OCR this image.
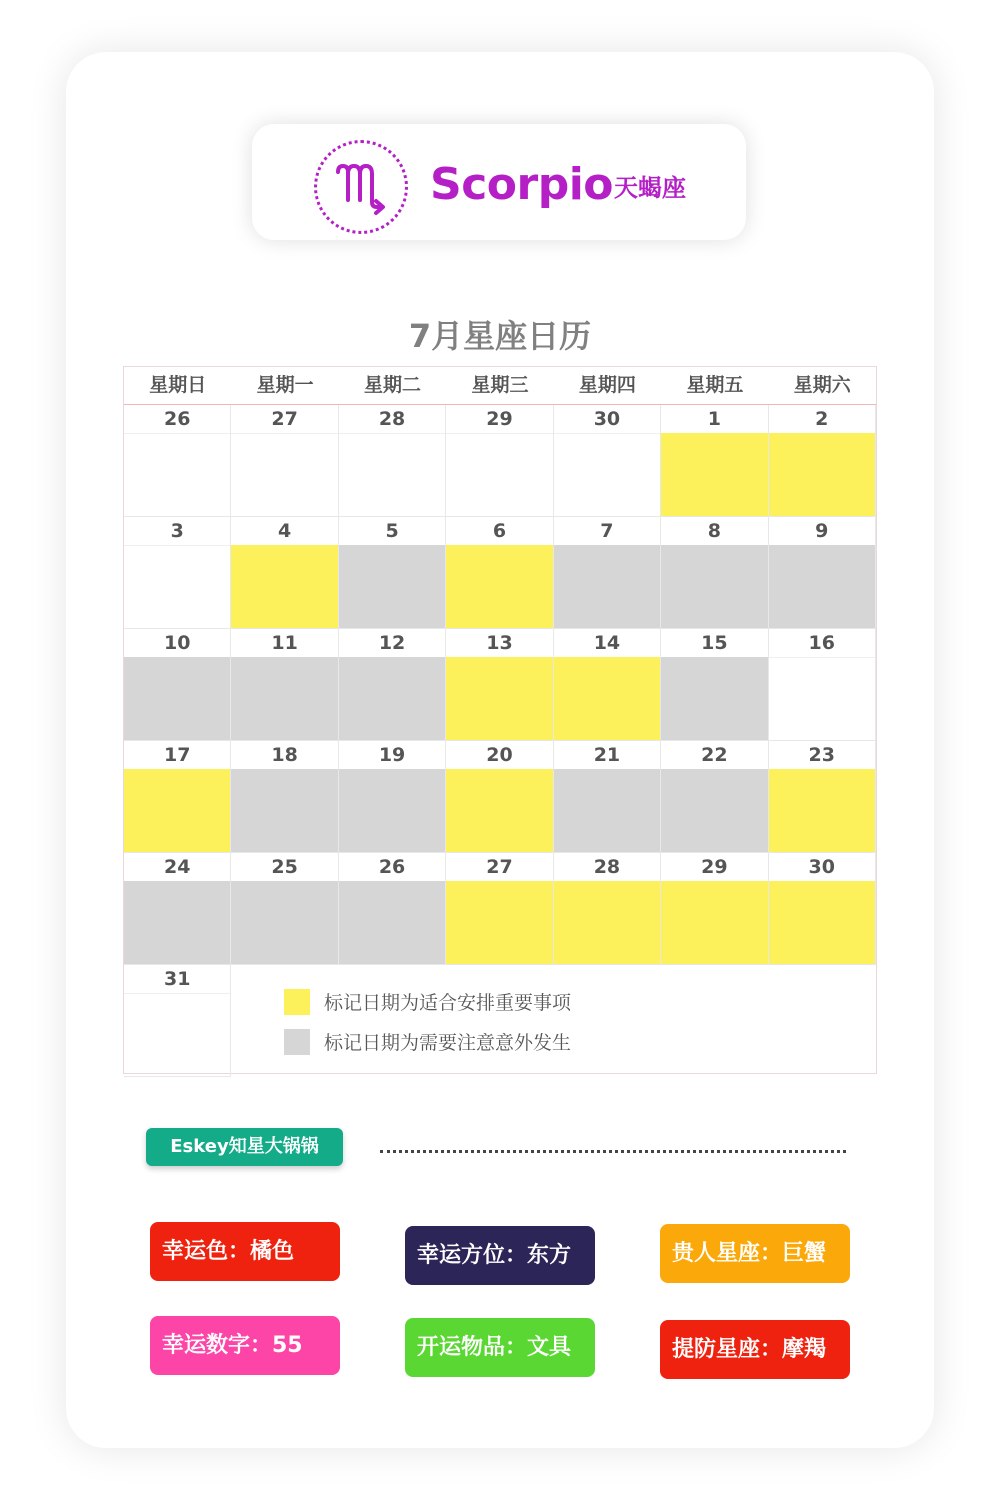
Scorpio 天蝎座
7月星座日历
星期日	星期一	星期二	星期三	星期四	星期五	星期六
26	27	28	29	30	1	2
3	4	5	6	7	8	9
10	11	12	13	14	15	16
17	18	19	20	21	22	23
24	25	26	27	28	29	30
31
标记日期为适合安排重要事项
标记日期为需要注意意外发生
Eskey知星大锅锅
幸运色：橘色	幸运方位：东方	贵人星座：巨蟹
幸运数字：55	开运物品：文具	提防星座：摩羯
